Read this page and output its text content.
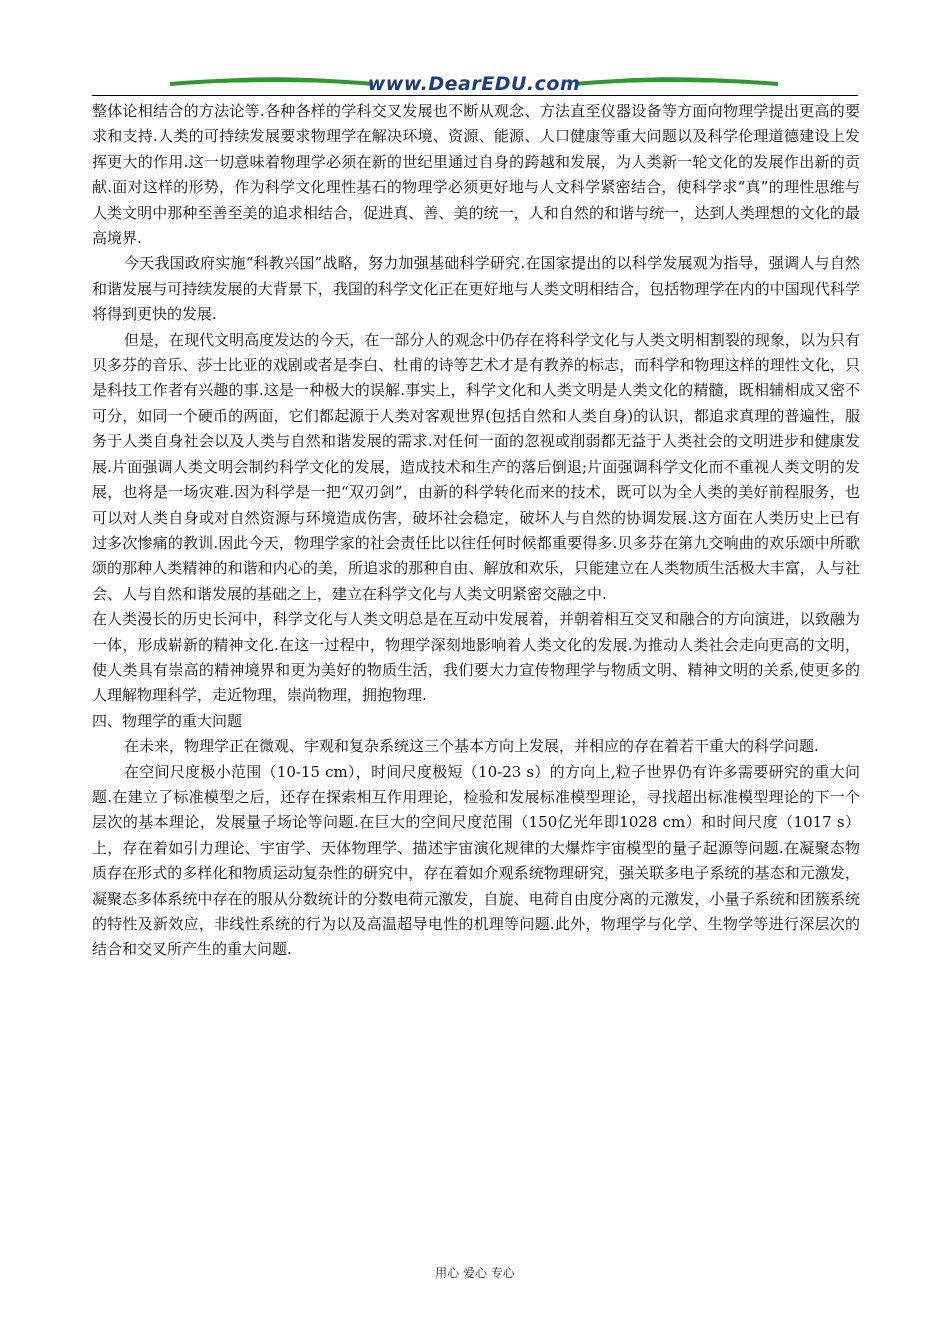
www.DearEDU.com

整体论相结合的方法论等.各种各样的学科交叉发展也不断从观念、方法直至仪器设备等方面向物理学提出更高的要求和支持.人类的可持续发展要求物理学在解决环境、资源、能源、人口健康等重大问题以及科学伦理道德建设上发挥更大的作用.这一切意味着物理学必须在新的世纪里通过自身的跨越和发展，为人类新一轮文化的发展作出新的贡献.面对这样的形势，作为科学文化理性基石的物理学必须更好地与人文科学紧密结合，使科学求“真”的理性思维与人类文明中那种至善至美的追求相结合，促进真、善、美的统一，人和自然的和谐与统一，达到人类理想的文化的最高境界.

今天我国政府实施“科教兴国”战略，努力加强基础科学研究.在国家提出的以科学发展观为指导，强调人与自然和谐发展与可持续发展的大背景下，我国的科学文化正在更好地与人类文明相结合，包括物理学在内的中国现代科学将得到更快的发展.

但是，在现代文明高度发达的今天，在一部分人的观念中仍存在将科学文化与人类文明相割裂的现象，以为只有贝多芬的音乐、莎士比亚的戏剧或者是李白、杜甫的诗等艺术才是有教养的标志，而科学和物理这样的理性文化，只是科技工作者有兴趣的事.这是一种极大的误解.事实上，科学文化和人类文明是人类文化的精髓，既相辅相成又密不可分，如同一个硬币的两面，它们都起源于人类对客观世界(包括自然和人类自身)的认识，都追求真理的普遍性，服务于人类自身社会以及人类与自然和谐发展的需求.对任何一面的忽视或削弱都无益于人类社会的文明进步和健康发展.片面强调人类文明会制约科学文化的发展，造成技术和生产的落后倒退;片面强调科学文化而不重视人类文明的发展，也将是一场灾难.因为科学是一把“双刃剑”，由新的科学转化而来的技术，既可以为全人类的美好前程服务，也可以对人类自身或对自然资源与环境造成伤害，破坏社会稳定，破坏人与自然的协调发展.这方面在人类历史上已有过多次惨痛的教训.因此今天，物理学家的社会责任比以往任何时候都重要得多.贝多芬在第九交响曲的欢乐颂中所歌颂的那种人类精神的和谐和内心的美，所追求的那种自由、解放和欢乐，只能建立在人类物质生活极大丰富，人与社会、人与自然和谐发展的基础之上，建立在科学文化与人类文明紧密交融之中.

在人类漫长的历史长河中，科学文化与人类文明总是在互动中发展着，并朝着相互交叉和融合的方向演进，以致融为一体，形成崭新的精神文化.在这一过程中，物理学深刻地影响着人类文化的发展.为推动人类社会走向更高的文明，使人类具有崇高的精神境界和更为美好的物质生活，我们要大力宣传物理学与物质文明、精神文明的关系,使更多的人理解物理科学，走近物理，崇尚物理，拥抱物理.

四、物理学的重大问题

在未来，物理学正在微观、宇观和复杂系统这三个基本方向上发展，并相应的存在着若干重大的科学问题.

在空间尺度极小范围（10-15 cm），时间尺度极短（10-23 s）的方向上,粒子世界仍有许多需要研究的重大问题.在建立了标准模型之后，还存在探索相互作用理论，检验和发展标准模型理论，寻找超出标准模型理论的下一个层次的基本理论，发展量子场论等问题.在巨大的空间尺度范围（150亿光年即1028 cm）和时间尺度（1017 s）上，存在着如引力理论、宇宙学、天体物理学、描述宇宙演化规律的大爆炸宇宙模型的量子起源等问题.在凝聚态物质存在形式的多样化和物质运动复杂性的研究中，存在着如介观系统物理研究，强关联多电子系统的基态和元激发，凝聚态多体系统中存在的服从分数统计的分数电荷元激发，自旋、电荷自由度分离的元激发，小量子系统和团簇系统的特性及新效应，非线性系统的行为以及高温超导电性的机理等问题.此外，物理学与化学、生物学等进行深层次的结合和交叉所产生的重大问题.

用心 爱心 专心
